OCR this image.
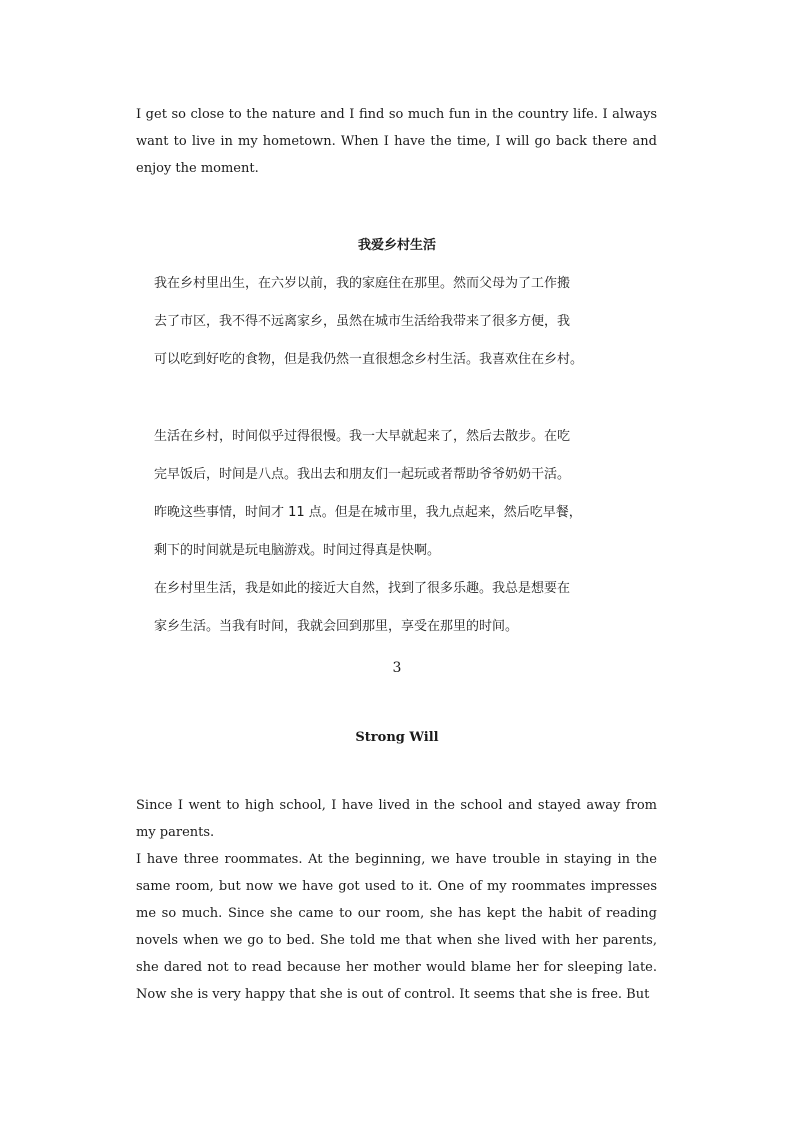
I get so close to the nature and I find so much fun in the country life. I always want to live in my hometown. When I have the time, I will go back there and enjoy the moment.

我爱乡村生活
我在乡村里出生，在六岁以前，我的家庭住在那里。然而父母为了工作搬
去了市区，我不得不远离家乡，虽然在城市生活给我带来了很多方便，我
可以吃到好吃的食物，但是我仍然一直很想念乡村生活。我喜欢住在乡村。
生活在乡村，时间似乎过得很慢。我一大早就起来了，然后去散步。在吃
完早饭后，时间是八点。我出去和朋友们一起玩或者帮助爷爷奶奶干活。
昨晚这些事情，时间才 11 点。但是在城市里，我九点起来，然后吃早餐，
剩下的时间就是玩电脑游戏。时间过得真是快啊。
在乡村里生活，我是如此的接近大自然，找到了很多乐趣。我总是想要在
家乡生活。当我有时间，我就会回到那里，享受在那里的时间。
3
Strong Will

Since I went to high school, I have lived in the school and stayed away from my parents.

I have three roommates. At the beginning, we have trouble in staying in the same room, but now we have got used to it. One of my roommates impresses me so much. Since she came to our room, she has kept the habit of reading novels when we go to bed. She told me that when she lived with her parents, she dared not to read because her mother would blame her for sleeping late. Now she is very happy that she is out of control. It seems that she is free. But
